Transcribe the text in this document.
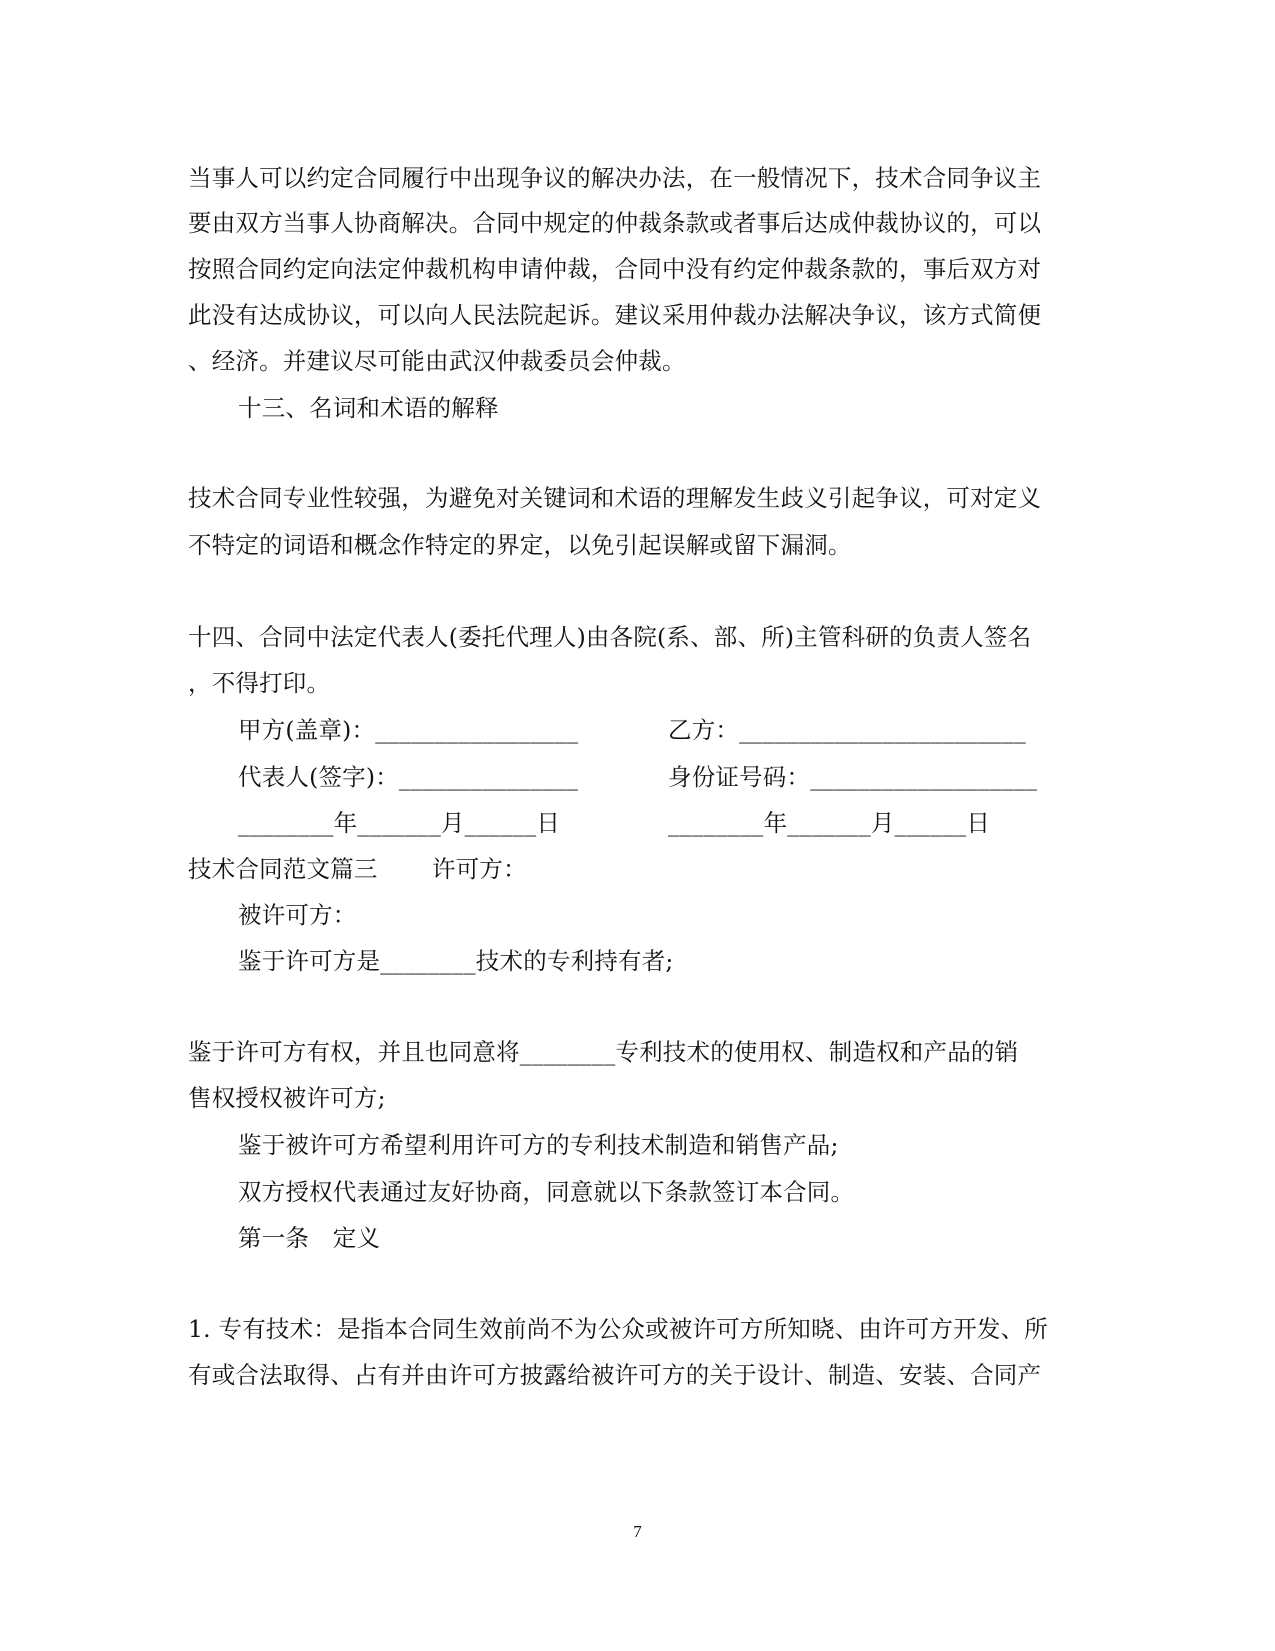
当事人可以约定合同履行中出现争议的解决办法，在一般情况下，技术合同争议主
要由双方当事人协商解决。合同中规定的仲裁条款或者事后达成仲裁协议的，可以
按照合同约定向法定仲裁机构申请仲裁，合同中没有约定仲裁条款的，事后双方对
此没有达成协议，可以向人民法院起诉。建议采用仲裁办法解决争议，该方式简便
、经济。并建议尽可能由武汉仲裁委员会仲裁。
十三、名词和术语的解释
技术合同专业性较强，为避免对关键词和术语的理解发生歧义引起争议，可对定义
不特定的词语和概念作特定的界定，以免引起误解或留下漏洞。
十四、合同中法定代表人(委托代理人)由各院(系、部、所)主管科研的负责人签名
，不得打印。
甲方(盖章)：_________________	乙方：________________________
代表人(签字)：_______________	身份证号码：___________________
________年_______月______日	________年_______月______日
技术合同范文篇三 许可方：
被许可方：
鉴于许可方是________技术的专利持有者;
鉴于许可方有权，并且也同意将________专利技术的使用权、制造权和产品的销
售权授权被许可方;
鉴于被许可方希望利用许可方的专利技术制造和销售产品;
双方授权代表通过友好协商，同意就以下条款签订本合同。
第一条　定义
1. 专有技术：是指本合同生效前尚不为公众或被许可方所知晓、由许可方开发、所
有或合法取得、占有并由许可方披露给被许可方的关于设计、制造、安装、合同产
7
